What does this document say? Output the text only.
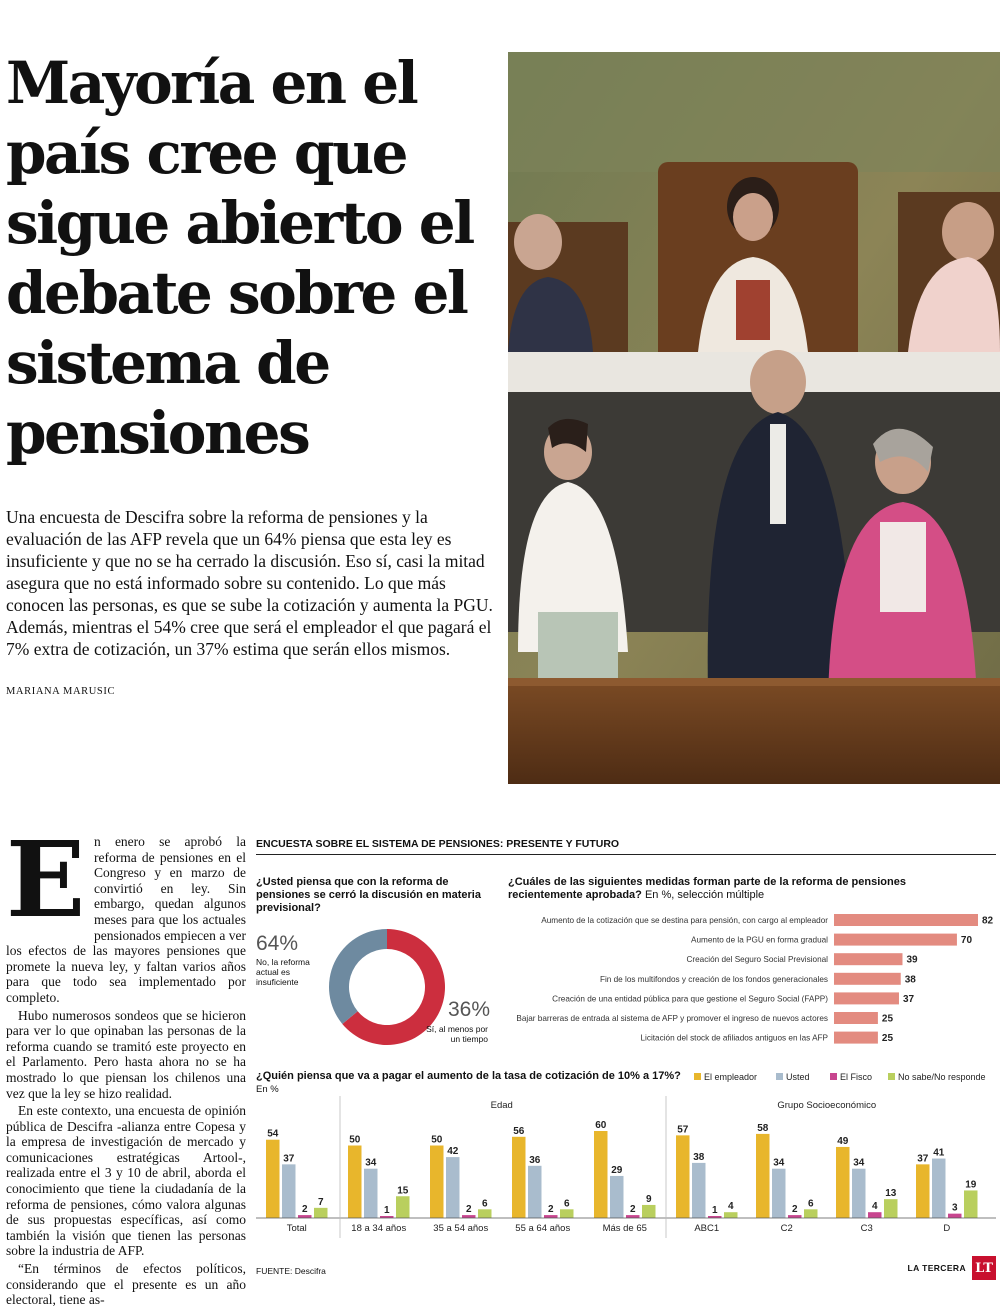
Mayoría en el
país cree que
sigue abierto el
debate sobre el
sistema de
pensiones

Una encuesta de Descifra sobre la reforma de pensiones y la evaluación de las AFP revela que un 64% piensa que esta ley es insuficiente y que no se ha cerrado la discusión. Eso sí, casi la mitad asegura que no está informado sobre su contenido. Lo que más conocen las personas, es que se sube la cotización y aumenta la PGU. Además, mientras el 54% cree que será el empleador el que pagará el 7% extra de cotización, un 37% estima que serán ellos mismos.

MARIANA MARUSIC
E n enero se aprobó la reforma de pensiones en el Congreso y en marzo de convirtió en ley. Sin embargo, quedan algunos meses para que los actuales pensionados empiecen a ver los efectos de las mayores pensiones que promete la nueva ley, y faltan varios años para que todo sea implementado por completo.

Hubo numerosos sondeos que se hicieron para ver lo que opinaban las personas de la reforma cuando se tramitó este proyecto en el Parlamento. Pero hasta ahora no se ha mostrado lo que piensan los chilenos una vez que la ley se hizo realidad.

En este contexto, una encuesta de opinión pública de Descifra -alianza entre Copesa y la empresa de investigación de mercado y comunicaciones estratégicas Artool-, realizada entre el 3 y 10 de abril, aborda el conocimiento que tiene la ciudadanía de la reforma de pensiones, cómo valora algunas de sus propuestas específicas, así como también la visión que tienen las personas sobre la industria de AFP.

“En términos de efectos políticos, considerando que el presente es un año electoral, tiene as-

ENCUESTA SOBRE EL SISTEMA DE PENSIONES: PRESENTE Y FUTURO
¿Usted piensa que con la reforma de pensiones se cerró la discusión en materia previsional?
64%
No, la reforma actual es insuficiente
36%
Sí, al menos por un tiempo
¿Cuáles de las siguientes medidas forman parte de la reforma de pensiones recientemente aprobada? En %, selección múltiple
Aumento de la cotización que se destina para pensión, con cargo al empleador	82
Aumento de la PGU en forma gradual	70
Creación del Seguro Social Previsional	39
Fin de los multifondos y creación de los fondos generacionales	38
Creación de una entidad pública para que gestione el Seguro Social (FAPP)	37
Bajar barreras de entrada al sistema de AFP y promover el ingreso de nuevos actores	25
Licitación del stock de afiliados antiguos en las AFP	25
¿Quién piensa que va a pagar el aumento de la tasa de cotización de 10% a 17%?
En %
El empleador	Usted	El Fisco	No sabe/No responde
54
37
2
7
Total
50
34
1
15
18 a 34 años
50
42
2
6
35 a 54 años
56
36
2
6
55 a 64 años
60
29
2
9
Más de 65
57
38
1 4
ABC1
58
34
2
6
C2
49
34
4
13
C3
37
41
3
19
D
Edad	Grupo Socioeconómico
FUENTE: Descifra	LA TERCERA LT
